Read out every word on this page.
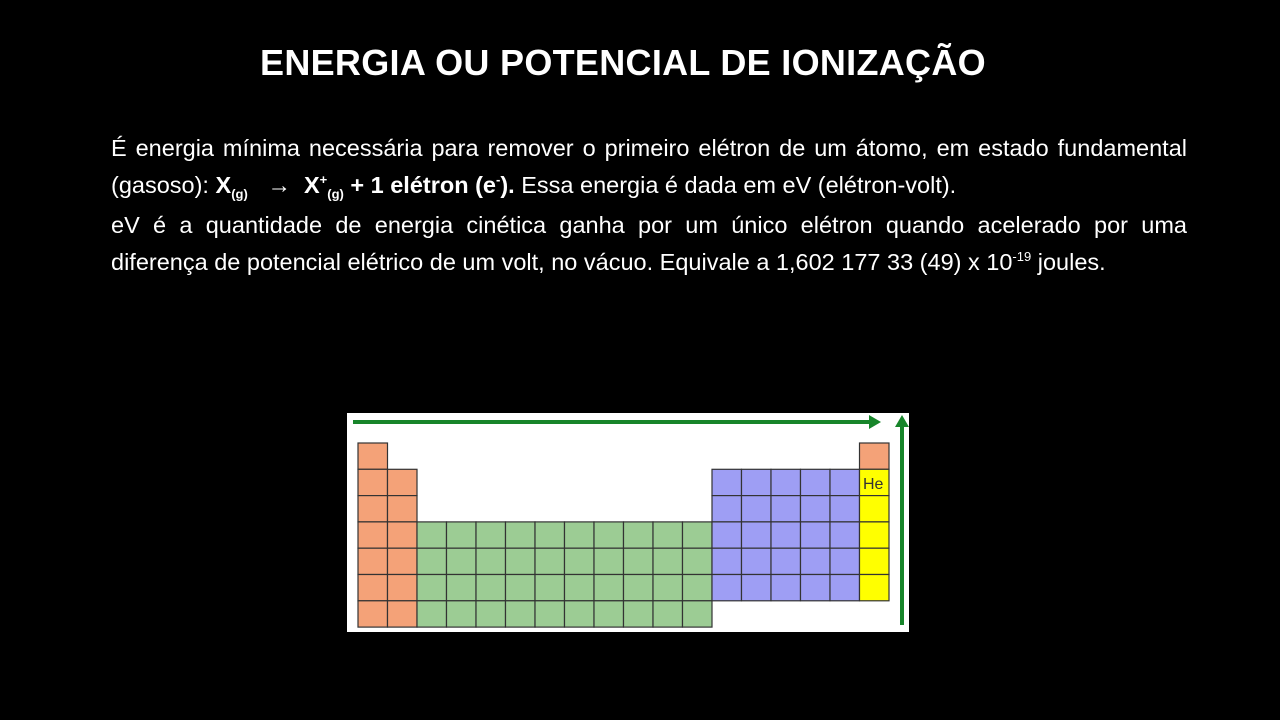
ENERGIA OU POTENCIAL DE IONIZAÇÃO

É energia mínima necessária para remover o primeiro elétron de um átomo, em estado fundamental (gasoso): $X_{(g)} \to X^+_{(g)} + 1$ elétron (e-). Essa energia é dada em eV (elétron-volt).

eV é a quantidade de energia cinética ganha por um único elétron quando acelerado por uma diferença de potencial elétrico de um volt, no vácuo. Equivale a 1,602 177 33 (49) x $10^{-19}$ joules.

He
